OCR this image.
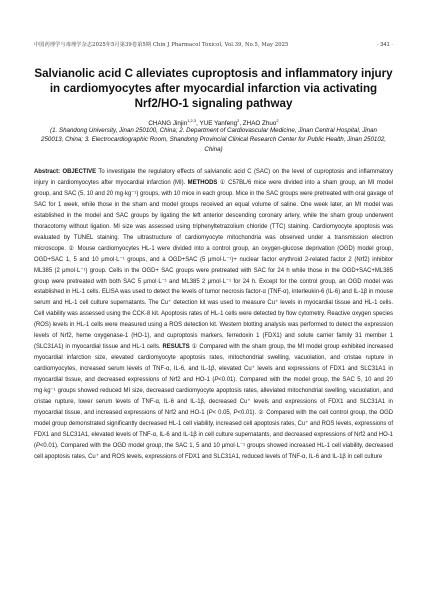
中国药理学与毒理学杂志2025年5月第39卷第5期 Chin J Pharmacol Toxicol, Vol.39, No.5, May 2025	· 341 ·
Salvianolic acid C alleviates cuproptosis and inflammatory injury in cardiomyocytes after myocardial infarction via activating Nrf2/HO-1 signaling pathway
CHANG Jinjin$^{1,2,3}$, YUE Yanfeng$^2$, ZHAO Zhuo$^2$
(1. Shandong University, Jinan 250100, China; 2. Department of Cardiovascular Medicine, Jinan Central Hospital, Jinan 250013, China; 3. Electrocardiographic Room, Shandong Provincial Clinical Research Center for Public Health, Jinan 250102, China)

Abstract: OBJECTIVE To investigate the regulatory effects of salvianolic acid C (SAC) on the level of cuproptosis and inflammatory injury in cardiomyocytes after myocardial infarction (MI). METHODS ① C57BL/6 mice were divided into a sham group, an MI model group, and SAC (5, 10 and 20 mg·kg⁻¹) groups, with 10 mice in each group. Mice in the SAC groups were pretreated with oral gavage of SAC for 1 week, while those in the sham and model groups received an equal volume of saline. One week later, an MI model was established in the model and SAC groups by ligating the left anterior descending coronary artery, while the sham group underwent thoracotomy without ligation. MI size was assessed using triphenyltetrazolium chloride (TTC) staining. Cardiomyocyte apoptosis was evaluated by TUNEL staining. The ultrastructure of cardiomyocyte mitochondria was observed under a transmission electron microscope. ② Mouse cardiomyocytes HL-1 were divided into a control group, an oxygen-glucose deprivation (OGD) model group, OGD+SAC 1, 5 and 10 μmol·L⁻¹ groups, and a OGD+SAC (5 μmol·L⁻¹)+ nuclear factor erythroid 2-related factor 2 (Nrf2) inhibitor ML385 (2 μmol·L⁻¹) group. Cells in the OGD+ SAC groups were pretreated with SAC for 24 h while those in the OGD+SAC+ML385 group were pretreated with both SAC 5 μmol·L⁻¹ and ML385 2 μmol·L⁻¹ for 24 h. Except for the control group, an OGD model was established in HL-1 cells. ELISA was used to detect the levels of tumor necrosis factor-α (TNF-α), interleukin-6 (IL-6) and IL-1β in mouse serum and HL-1 cell culture supernatants. The Cu⁺ detection kit was used to measure Cu⁺ levels in myocardial tissue and HL-1 cells. Cell viability was assessed using the CCK-8 kit. Apoptosis rates of HL-1 cells were detected by flow cytometry. Reactive oxygen species (ROS) levels in HL-1 cells were measured using a ROS detection kit. Western blotting analysis was performed to detect the expression levels of Nrf2, heme oxygenase-1 (HO-1), and cuproptosis markers, ferredoxin 1 (FDX1) and solute carrier family 31 member 1 (SLC31A1) in myocardial tissue and HL-1 cells. RESULTS ① Compared with the sham group, the MI model group exhibited increased myocardial infarction size, elevated cardiomyocyte apoptosis rates, mitochondrial swelling, vacuolation, and cristae rupture in cardiomyocytes, increased serum levels of TNF-α, IL-6, and IL-1β, elevated Cu⁺ levels and expressions of FDX1 and SLC31A1 in myocardial tissue, and decreased expressions of Nrf2 and HO-1 (P<0.01). Compared with the model group, the SAC 5, 10 and 20 mg·kg⁻¹ groups showed reduced MI size, decreased cardiomyocyte apoptosis rates, alleviated mitochondrial swelling, vacuolation, and cristae rupture, lower serum levels of TNF-α, IL-6 and IL-1β, decreased Cu⁺ levels and expressions of FDX1 and SLC31A1 in myocardial tissue, and increased expressions of Nrf2 and HO-1 (P< 0.05, P<0.01). ② Compared with the cell control group, the OGD model group demonstrated significantly decreased HL-1 cell viability, increased cell apoptosis rates, Cu⁺ and ROS levels, expressions of FDX1 and SLC31A1, elevated levels of TNF-α, IL-6 and IL-1β in cell culture supernatants, and decreased expressions of Nrf2 and HO-1 (P<0.01). Compared with the OGD model group, the SAC 1, 5 and 10 μmol·L⁻¹ groups showed increased HL-1 cell viability, decreased cell apoptosis rates, Cu⁺ and ROS levels, expressions of FDX1 and SLC31A1, reduced levels of TNF-α, IL-6 and IL-1β in cell culture
